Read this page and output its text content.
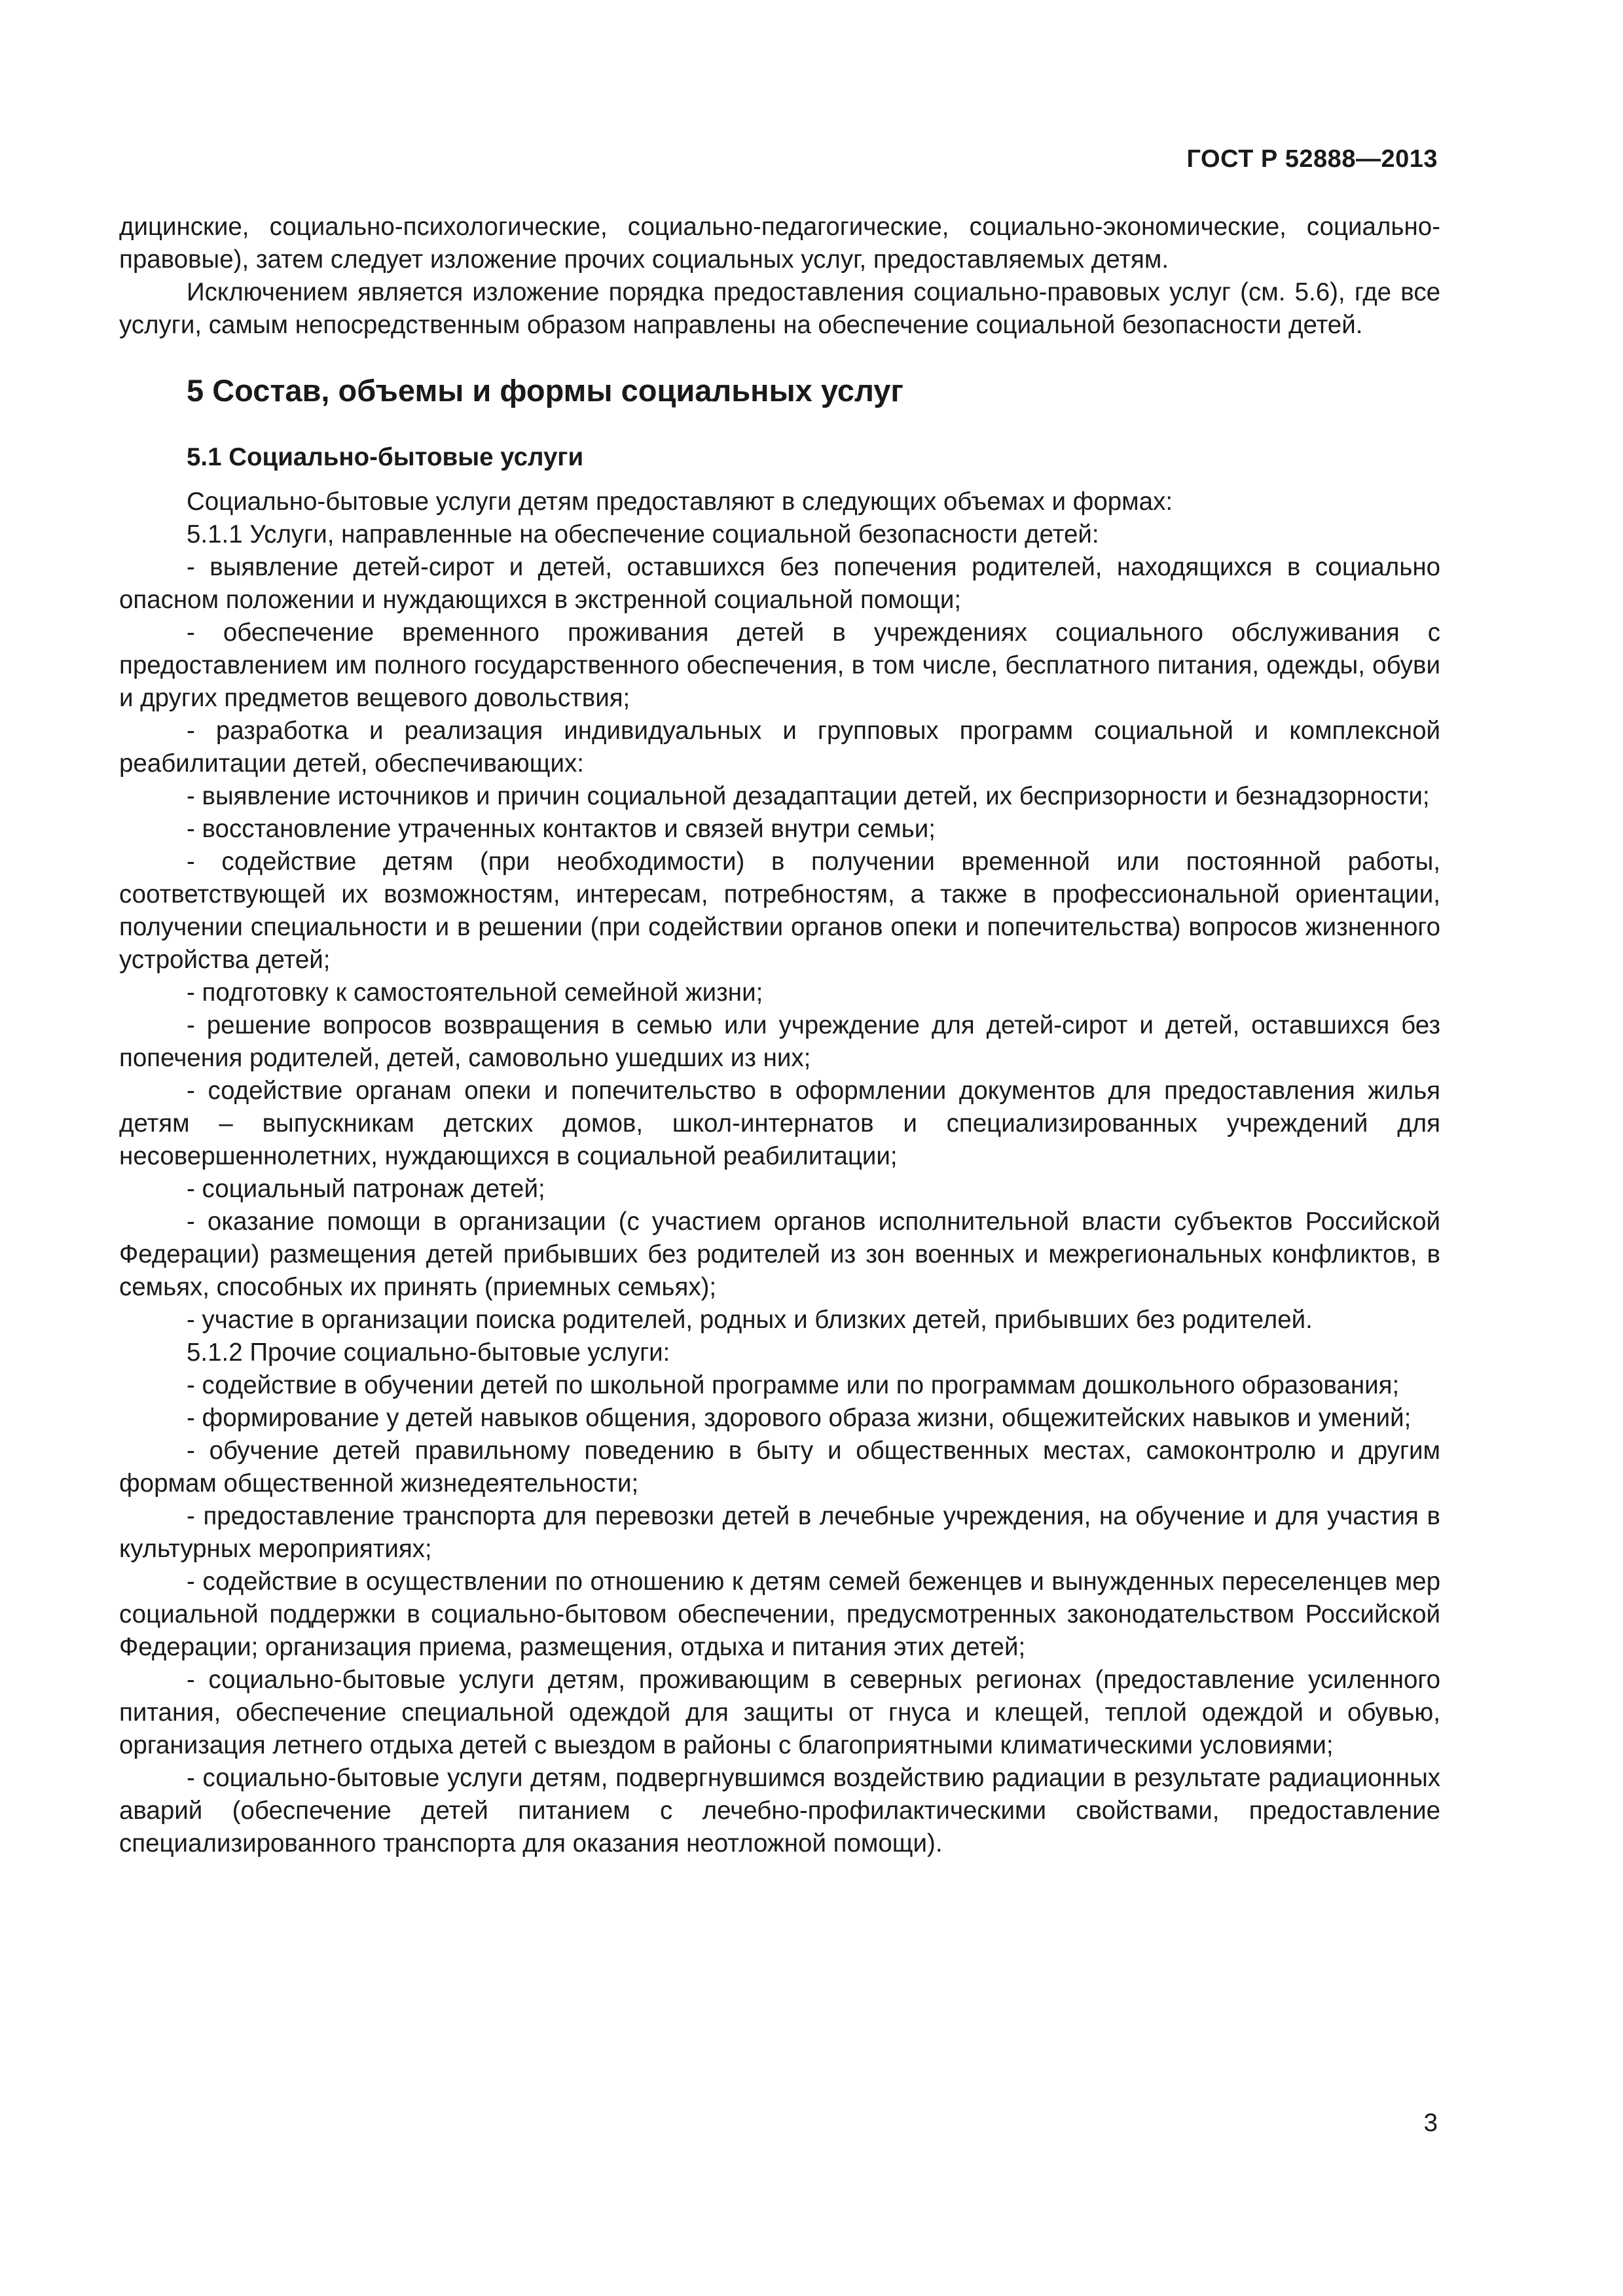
ГОСТ Р 52888—2013

дицинские, социально-психологические, социально-педагогические, социально-экономические, социально-правовые), затем следует изложение прочих социальных услуг, предоставляемых детям.

Исключением является изложение порядка предоставления социально-правовых услуг (см. 5.6), где все услуги, самым непосредственным образом направлены на обеспечение социальной безопасности детей.

5 Состав, объемы и формы социальных услуг
5.1 Социально-бытовые услуги

Социально-бытовые услуги детям предоставляют в следующих объемах и формах:

5.1.1 Услуги, направленные на обеспечение социальной безопасности детей:

- выявление детей-сирот и детей, оставшихся без попечения родителей, находящихся в социально опасном положении и нуждающихся в экстренной социальной помощи;

- обеспечение временного проживания детей в учреждениях социального обслуживания с предоставлением им полного государственного обеспечения, в том числе, бесплатного питания, одежды, обуви и других предметов вещевого довольствия;

- разработка и реализация индивидуальных и групповых программ социальной и комплексной реабилитации детей, обеспечивающих:

- выявление источников и причин социальной дезадаптации детей, их беспризорности и безнадзорности;

- восстановление утраченных контактов и связей внутри семьи;

- содействие детям (при необходимости) в получении временной или постоянной работы, соответствующей их возможностям, интересам, потребностям, а также в профессиональной ориентации, получении специальности и в решении (при содействии органов опеки и попечительства) вопросов жизненного устройства детей;

- подготовку к самостоятельной семейной жизни;

- решение вопросов возвращения в семью или учреждение для детей-сирот и детей, оставшихся без попечения родителей, детей, самовольно ушедших из них;

- содействие органам опеки и попечительство в оформлении документов для предоставления жилья детям – выпускникам детских домов, школ-интернатов и специализированных учреждений для несовершеннолетних, нуждающихся в социальной реабилитации;

- социальный патронаж детей;

- оказание помощи в организации (с участием органов исполнительной власти субъектов Российской Федерации) размещения детей прибывших без родителей из зон военных и межрегиональных конфликтов, в семьях, способных их принять (приемных семьях);

- участие в организации поиска родителей, родных и близких детей, прибывших без родителей.

5.1.2 Прочие социально-бытовые услуги:

- содействие в обучении детей по школьной программе или по программам дошкольного образования;

- формирование у детей навыков общения, здорового образа жизни, общежитейских навыков и умений;

- обучение детей правильному поведению в быту и общественных местах, самоконтролю и другим формам общественной жизнедеятельности;

- предоставление транспорта для перевозки детей в лечебные учреждения, на обучение и для участия в культурных мероприятиях;

- содействие в осуществлении по отношению к детям семей беженцев и вынужденных переселенцев мер социальной поддержки в социально-бытовом обеспечении, предусмотренных законодательством Российской Федерации; организация приема, размещения, отдыха и питания этих детей;

- социально-бытовые услуги детям, проживающим в северных регионах (предоставление усиленного питания, обеспечение специальной одеждой для защиты от гнуса и клещей, теплой одеждой и обувью, организация летнего отдыха детей с выездом в районы с благоприятными климатическими условиями;

- социально-бытовые услуги детям, подвергнувшимся воздействию радиации в результате радиационных аварий (обеспечение детей питанием с лечебно-профилактическими свойствами, предоставление специализированного транспорта для оказания неотложной помощи).

3
